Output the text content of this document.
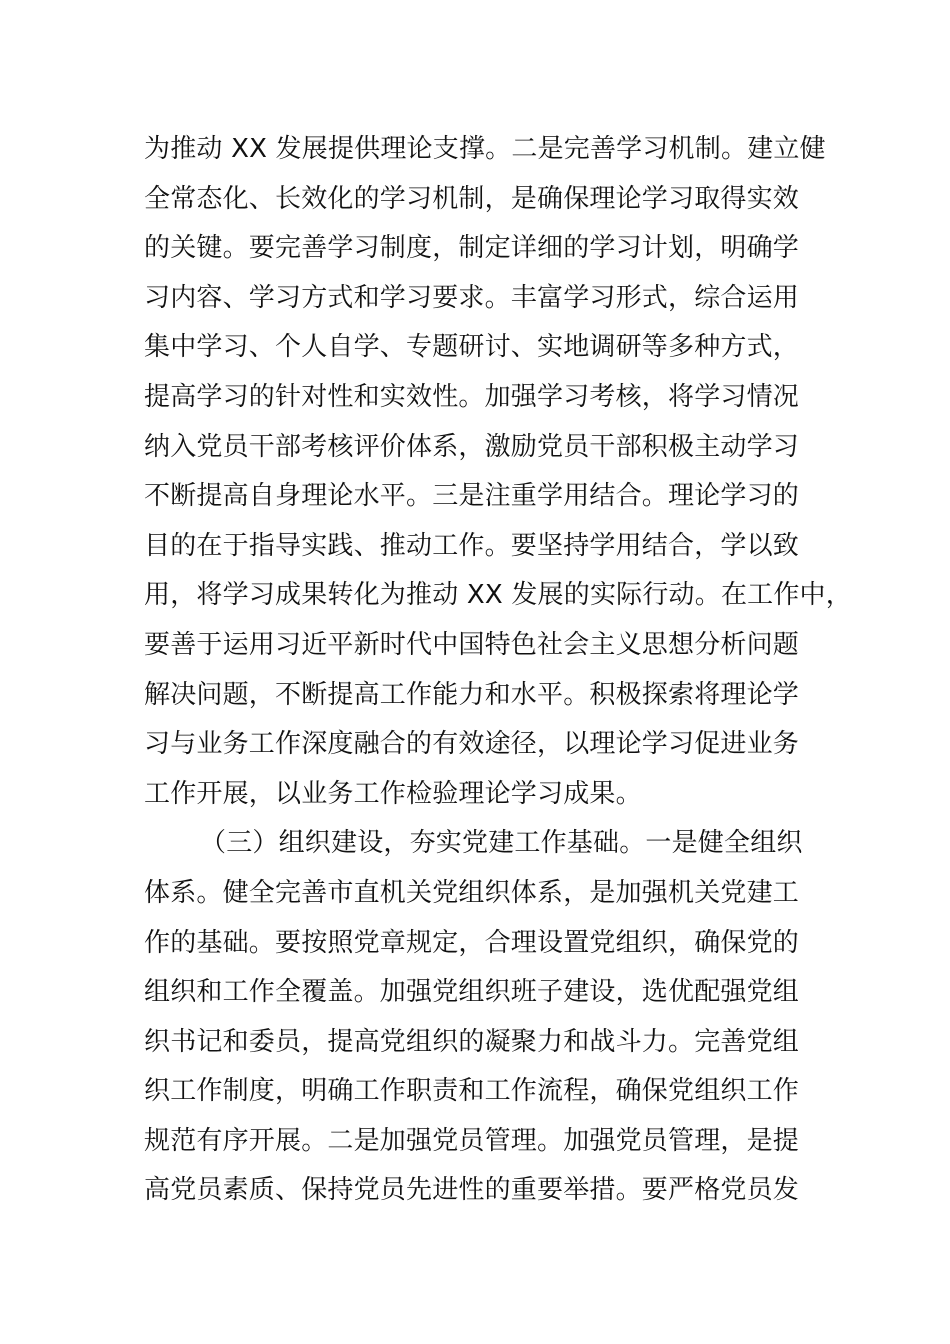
为推动 XX 发展提供理论支撑。二是完善学习机制。建立健
全常态化、长效化的学习机制，是确保理论学习取得实效
的关键。要完善学习制度，制定详细的学习计划，明确学
习内容、学习方式和学习要求。丰富学习形式，综合运用
集中学习、个人自学、专题研讨、实地调研等多种方式，
提高学习的针对性和实效性。加强学习考核，将学习情况
纳入党员干部考核评价体系，激励党员干部积极主动学习
不断提高自身理论水平。三是注重学用结合。理论学习的
目的在于指导实践、推动工作。要坚持学用结合，学以致
用，将学习成果转化为推动 XX 发展的实际行动。在工作中，
要善于运用习近平新时代中国特色社会主义思想分析问题
解决问题，不断提高工作能力和水平。积极探索将理论学
习与业务工作深度融合的有效途径，以理论学习促进业务
工作开展，以业务工作检验理论学习成果。
（三）组织建设，夯实党建工作基础。一是健全组织
体系。健全完善市直机关党组织体系，是加强机关党建工
作的基础。要按照党章规定，合理设置党组织，确保党的
组织和工作全覆盖。加强党组织班子建设，选优配强党组
织书记和委员，提高党组织的凝聚力和战斗力。完善党组
织工作制度，明确工作职责和工作流程，确保党组织工作
规范有序开展。二是加强党员管理。加强党员管理，是提
高党员素质、保持党员先进性的重要举措。要严格党员发
